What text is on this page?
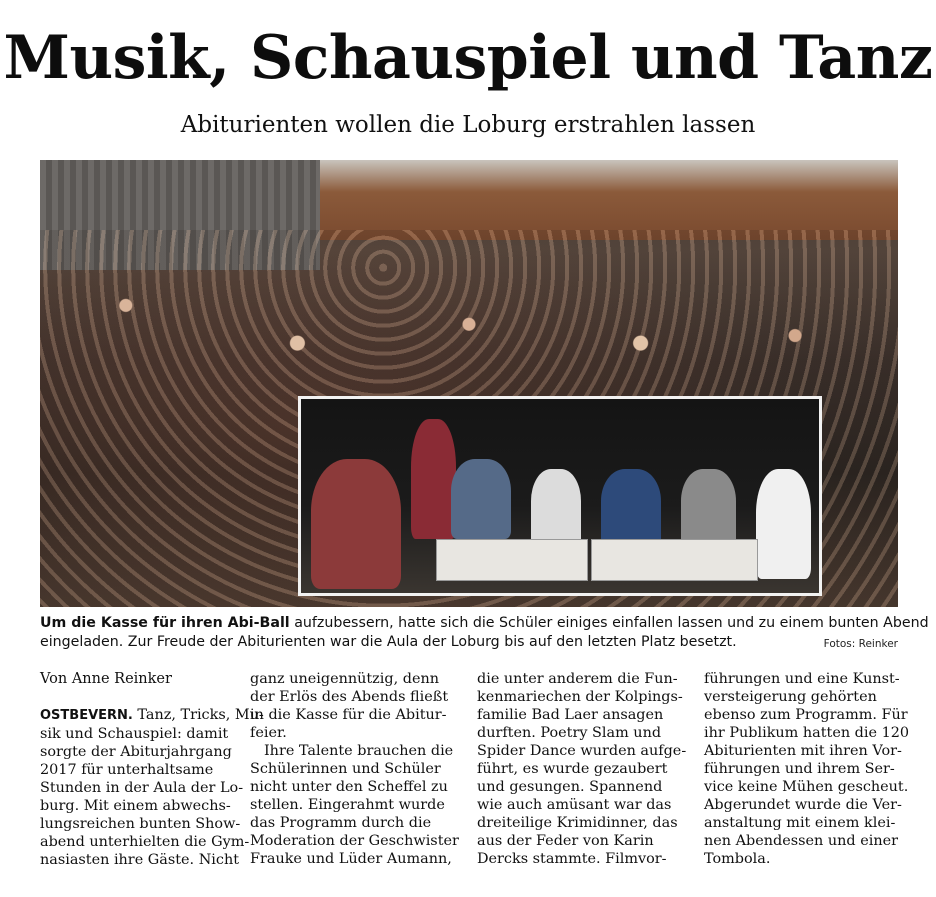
Musik, Schauspiel und Tanz
Abiturienten wollen die Loburg erstrahlen lassen
Um die Kasse für ihren Abi-Ball aufzubessern, hatte sich die Schüler einiges einfallen lassen und zu einem bunten Abend
eingeladen. Zur Freude der Abiturienten war die Aula der Loburg bis auf den letzten Platz besetzt.	Fotos: Reinker
Von Anne Reinker
OSTBEVERN. Tanz, Tricks, Mu-
sik und Schauspiel: damit
sorgte der Abiturjahrgang
2017 für unterhaltsame
Stunden in der Aula der Lo-
burg. Mit einem abwechs-
lungsreichen bunten Show-
abend unterhielten die Gym-
nasiasten ihre Gäste. Nicht
ganz uneigennützig, denn
der Erlös des Abends fließt
in die Kasse für die Abitur-
feier.
Ihre Talente brauchen die
Schülerinnen und Schüler
nicht unter den Scheffel zu
stellen. Eingerahmt wurde
das Programm durch die
Moderation der Geschwister
Frauke und Lüder Aumann,
die unter anderem die Fun-
kenmariechen der Kolpings-
familie Bad Laer ansagen
durften. Poetry Slam und
Spider Dance wurden aufge-
führt, es wurde gezaubert
und gesungen. Spannend
wie auch amüsant war das
dreiteilige Krimidinner, das
aus der Feder von Karin
Dercks stammte. Filmvor-
führungen und eine Kunst-
versteigerung gehörten
ebenso zum Programm. Für
ihr Publikum hatten die 120
Abiturienten mit ihren Vor-
führungen und ihrem Ser-
vice keine Mühen gescheut.
Abgerundet wurde die Ver-
anstaltung mit einem klei-
nen Abendessen und einer
Tombola.
